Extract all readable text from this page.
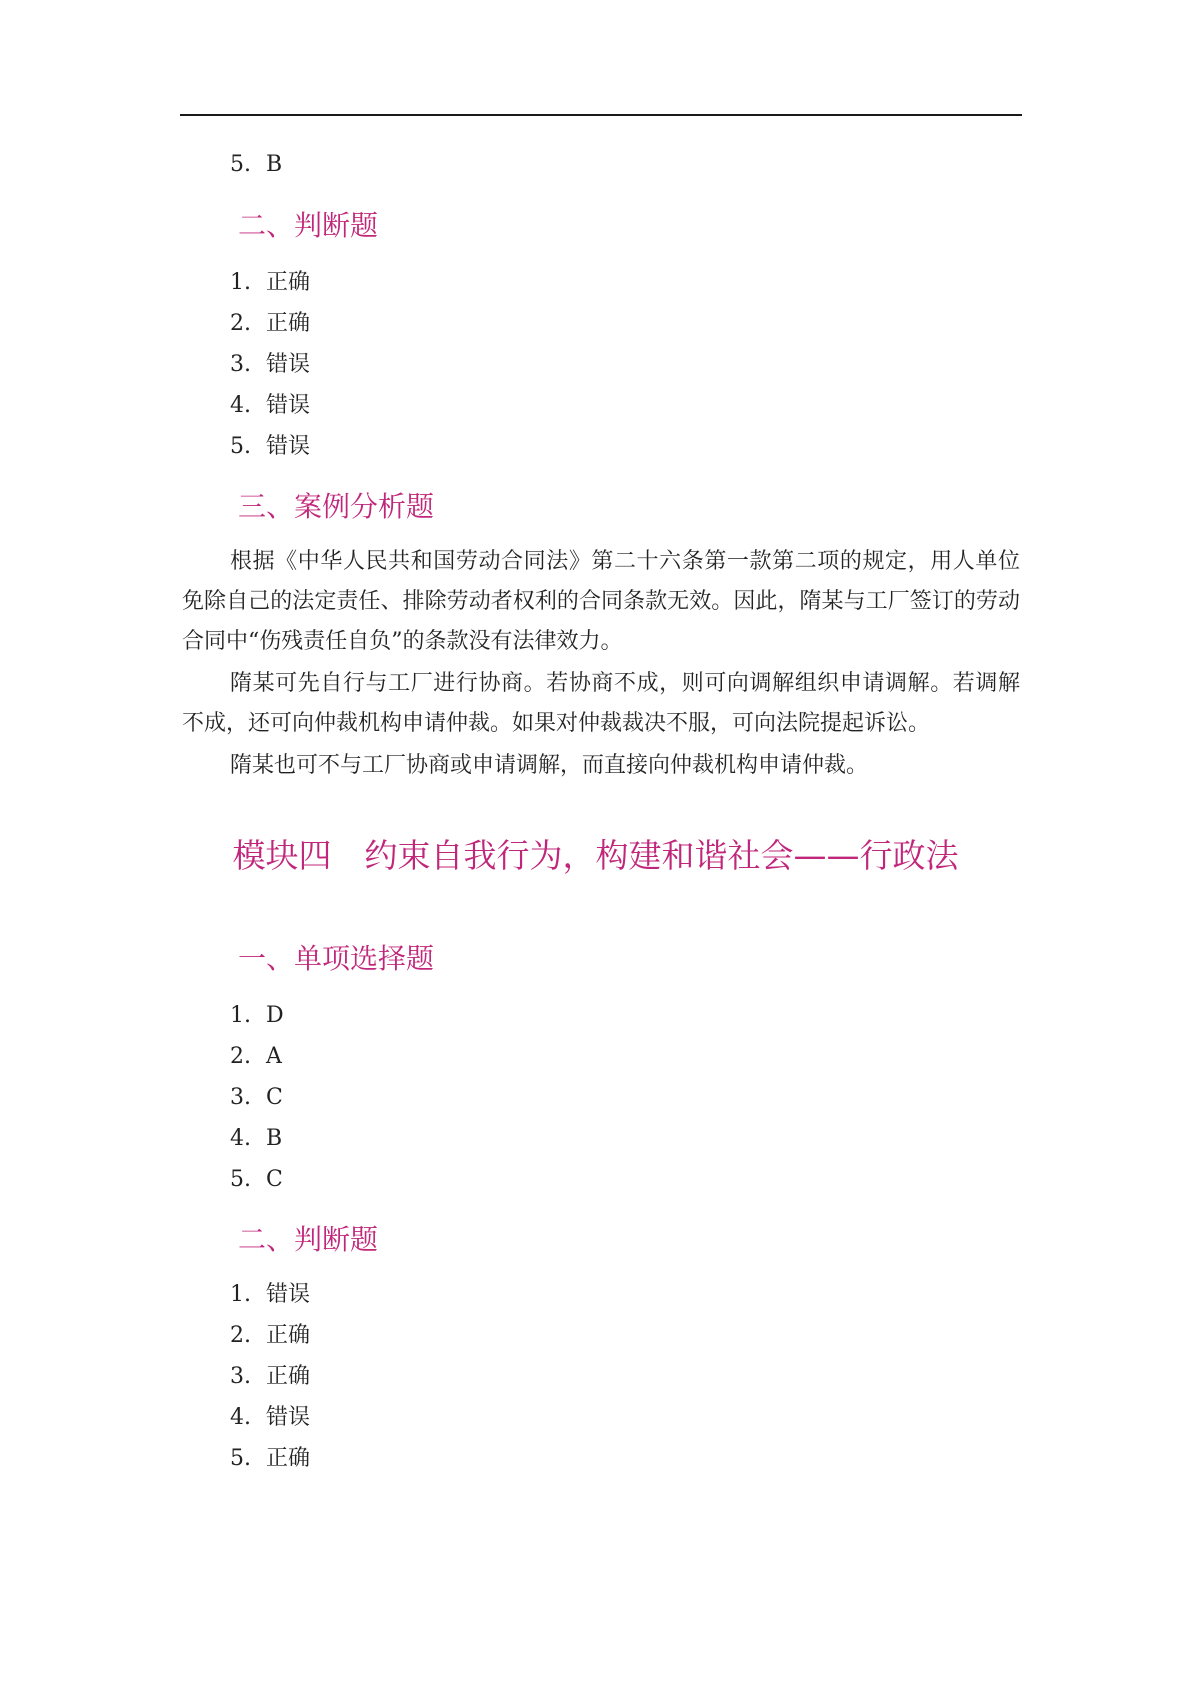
5. B
二、判断题
1. 正确
2. 正确
3. 错误
4. 错误
5. 错误
三、案例分析题

根据《中华人民共和国劳动合同法》第二十六条第一款第二项的规定，用人单位免除自己的法定责任、排除劳动者权利的合同条款无效。因此，隋某与工厂签订的劳动合同中“伤残责任自负”的条款没有法律效力。

隋某可先自行与工厂进行协商。若协商不成，则可向调解组织申请调解。若调解不成，还可向仲裁机构申请仲裁。如果对仲裁裁决不服，可向法院提起诉讼。

隋某也可不与工厂协商或申请调解，而直接向仲裁机构申请仲裁。

模块四　约束自我行为，构建和谐社会——行政法
一、单项选择题
1. D
2. A
3. C
4. B
5. C
二、判断题
1. 错误
2. 正确
3. 正确
4. 错误
5. 正确
